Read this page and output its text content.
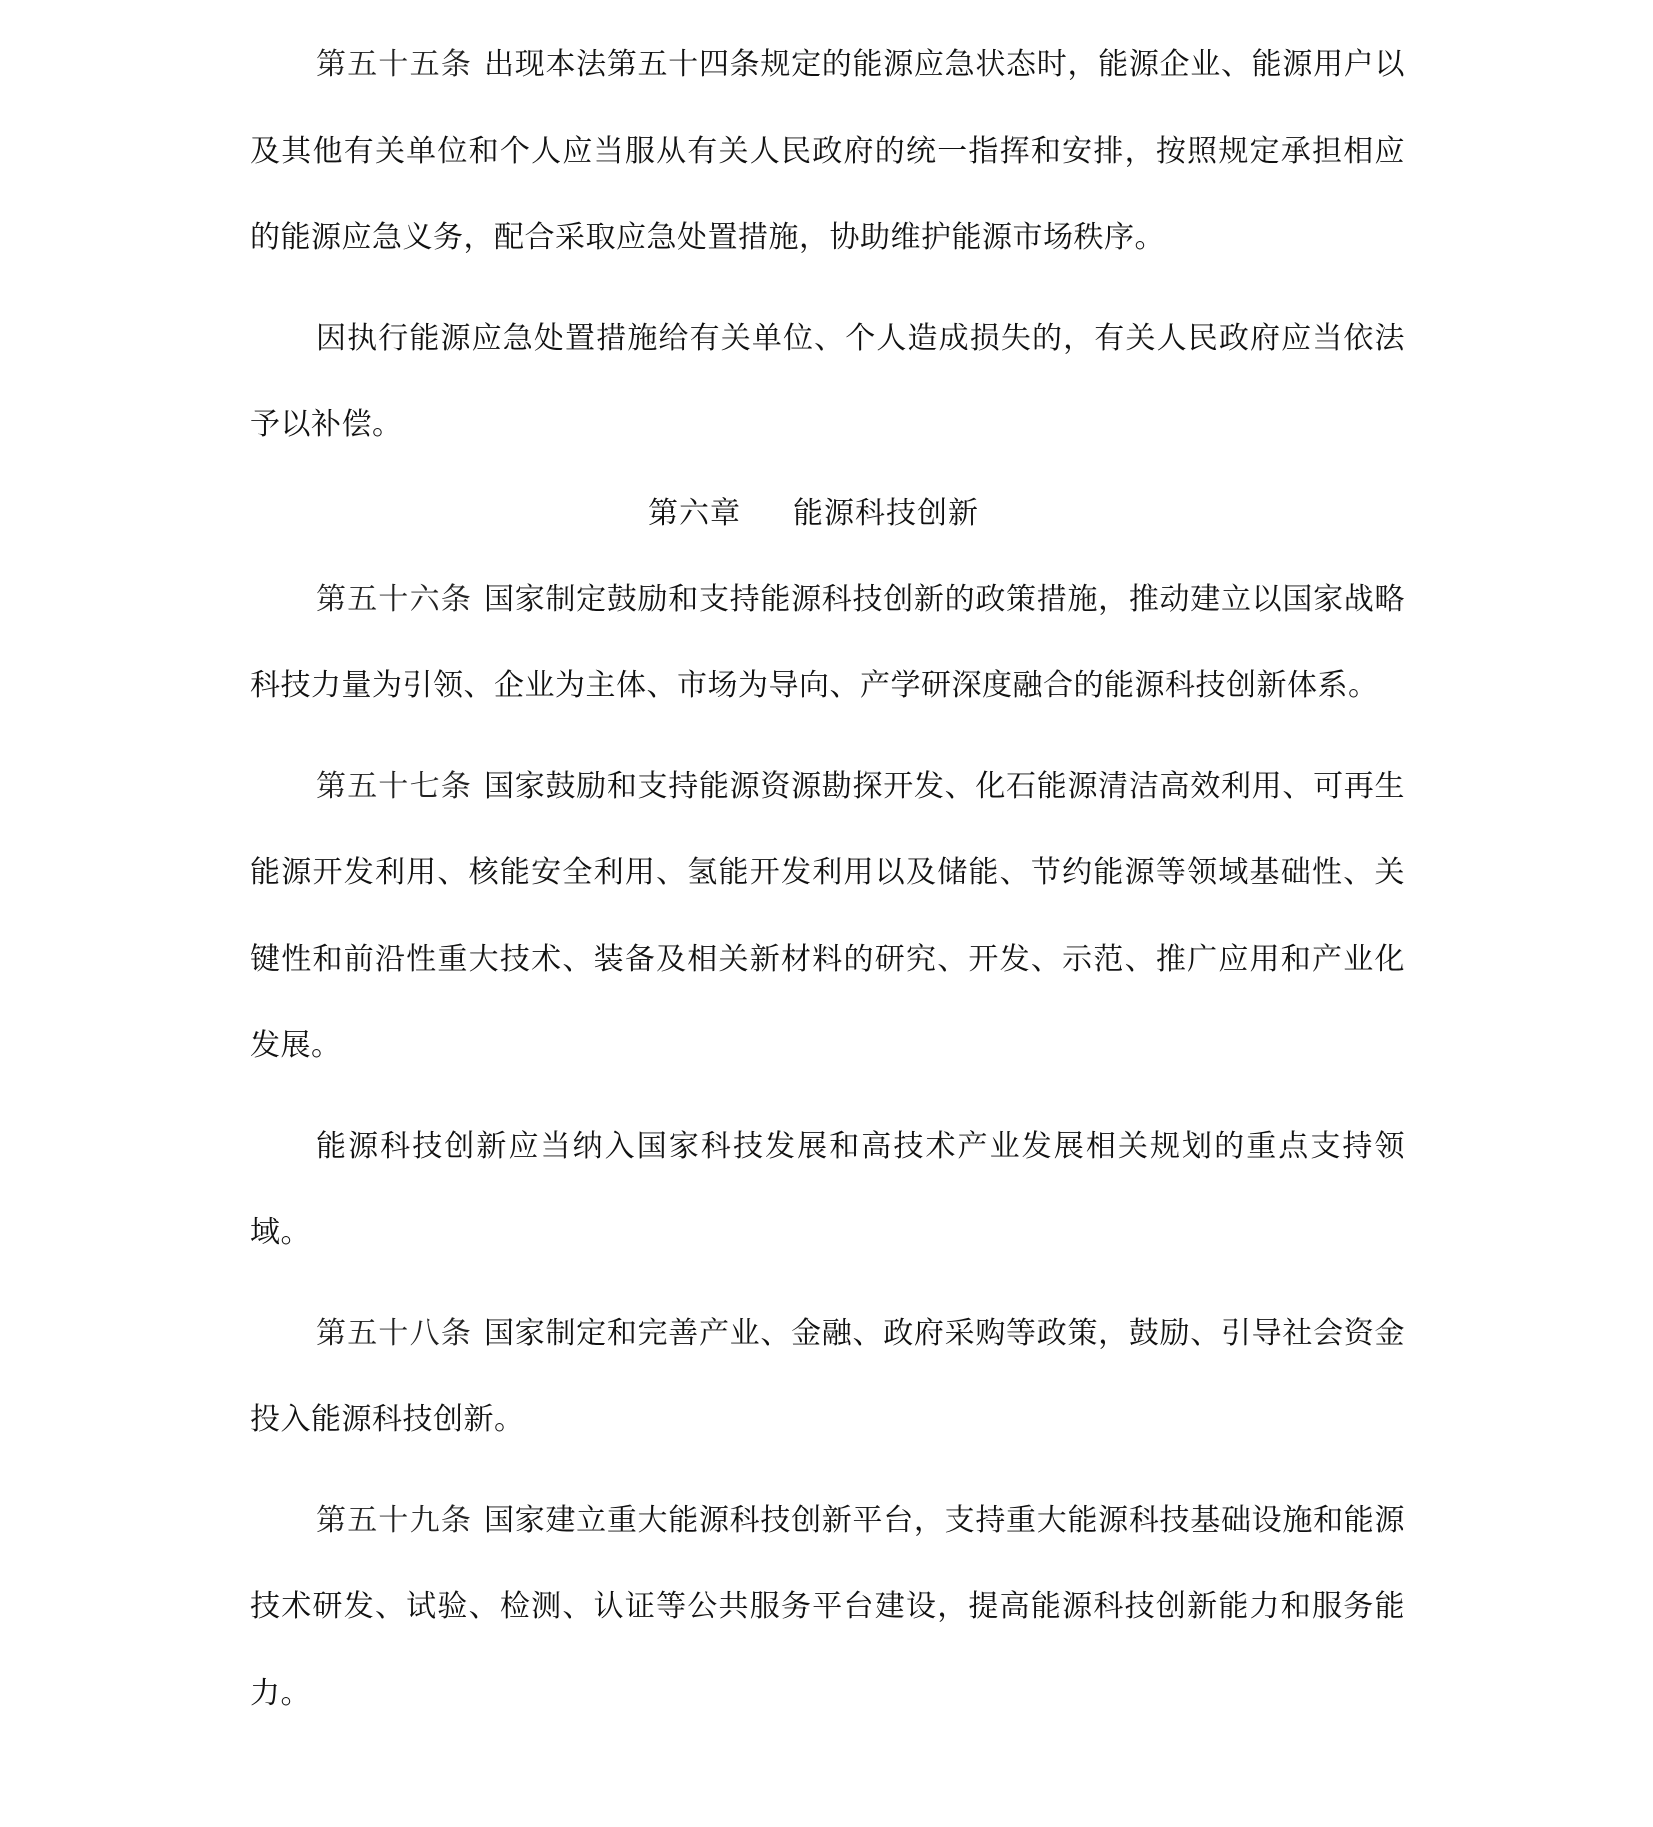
第五十五条 出现本法第五十四条规定的能源应急状态时，能源企业、能源用户以及其他有关单位和个人应当服从有关人民政府的统一指挥和安排，按照规定承担相应的能源应急义务，配合采取应急处置措施，协助维护能源市场秩序。

因执行能源应急处置措施给有关单位、个人造成损失的，有关人民政府应当依法予以补偿。

第六章 能源科技创新

第五十六条 国家制定鼓励和支持能源科技创新的政策措施，推动建立以国家战略科技力量为引领、企业为主体、市场为导向、产学研深度融合的能源科技创新体系。

第五十七条 国家鼓励和支持能源资源勘探开发、化石能源清洁高效利用、可再生能源开发利用、核能安全利用、氢能开发利用以及储能、节约能源等领域基础性、关键性和前沿性重大技术、装备及相关新材料的研究、开发、示范、推广应用和产业化发展。

能源科技创新应当纳入国家科技发展和高技术产业发展相关规划的重点支持领域。

第五十八条 国家制定和完善产业、金融、政府采购等政策，鼓励、引导社会资金投入能源科技创新。

第五十九条 国家建立重大能源科技创新平台，支持重大能源科技基础设施和能源技术研发、试验、检测、认证等公共服务平台建设，提高能源科技创新能力和服务能力。
